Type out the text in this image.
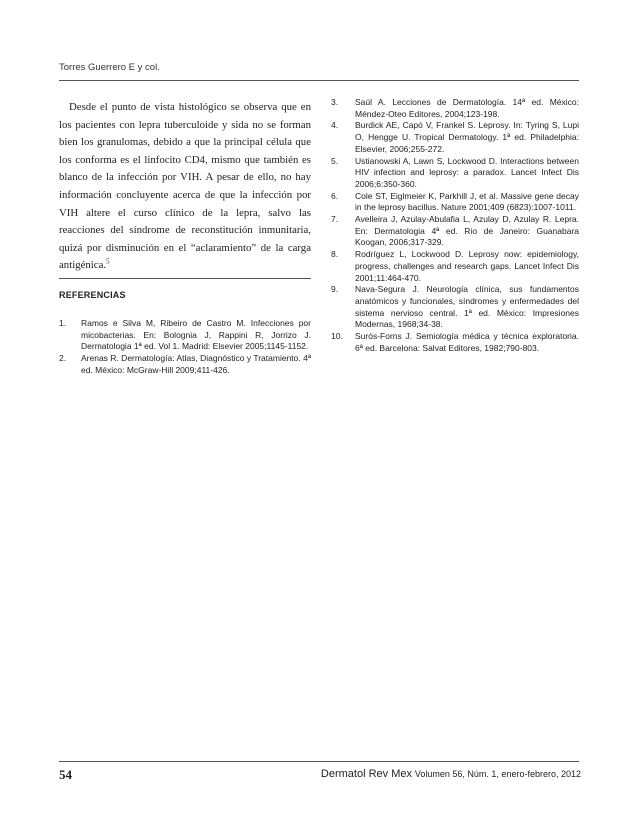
Torres Guerrero E y col.

Desde el punto de vista histológico se observa que en los pacientes con lepra tuberculoide y sida no se forman bien los granulomas, debido a que la principal célula que los conforma es el linfocito CD4, mismo que también es blanco de la infección por VIH. A pesar de ello, no hay información concluyente acerca de que la infección por VIH altere el curso clínico de la lepra, salvo las reacciones del síndrome de reconstitución inmunitaria, quizá por disminución en el “aclaramiento” de la carga antigénica.$^5$

REFERENCIAS
1.	Ramos e Silva M, Ribeiro de Castro M. Infecciones por micobacterias. En: Bolognia J, Rappini R, Jorrizo J. Dermatologia 1ª ed. Vol 1. Madrid: Elsevier 2005;1145-1152.
2.	Arenas R. Dermatología: Atlas, Diagnóstico y Tratamiento. 4ª ed. México: McGraw-Hill 2009;411-426.
3.	Saúl A. Lecciones de Dermatología. 14ª ed. México: Méndez-Oteo Editores, 2004;123-198.
4.	Burdick AE, Capó V, Frankel S. Leprosy. In: Tyring S, Lupi O, Hengge U. Tropical Dermatology. 1ª ed. Philadelphia: Elsevier, 2006;255-272.
5.	Ustianowski A, Lawn S, Lockwood D. Interactions between HIV infection and leprosy: a paradox. Lancet Infect Dis 2006;6:350-360.
6.	Cole ST, Eiglmeier K, Parkhill J, et al. Massive gene decay in the leprosy bacillus. Nature 2001;409 (6823):1007-1011.
7.	Avelleira J, Azulay-Abulafia L, Azulay D, Azulay R. Lepra. En: Dermatologia 4ª ed. Rio de Janeiro: Guanabara Koogan, 2006;317-329.
8.	Rodríguez L, Lockwood D. Leprosy now: epidemiology, progress, challenges and research gaps. Lancet Infect Dis 2001;11:464-470.
9.	Nava-Segura J. Neurología clínica, sus fundamentos anatómicos y funcionales, síndromes y enfermedades del sistema nervioso central. 1ª ed. México: Impresiones Modernas, 1968;34-38.
10.	Surós-Forns J. Semiología médica y técnica exploratoria. 6ª ed. Barcelona: Salvat Editores, 1982;790-803.
54	Dermatol Rev Mex Volumen 56, Núm. 1, enero-febrero, 2012
